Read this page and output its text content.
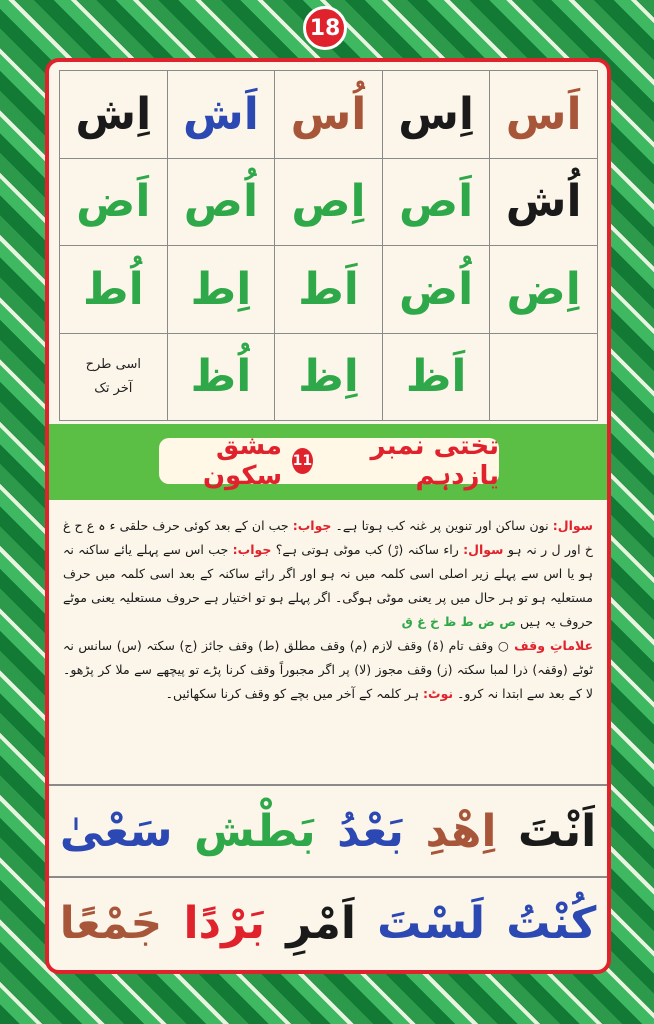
18
اِش اَش اُس اِس اَس
اَض اُص اِص اَص اُش
اُط	اِط	اَط اُض اِض
اسی طرح
آخر تک	اُظ	اِظ	اَظ
تختی نمبر یازدہم
11
مشق سکون

سوال: نون ساکن اور تنوین پر غنہ کب ہوتا ہے۔ جواب: جب ان کے بعد کوئی حرف حلقی ء ہ ع ح غ خ اور ل ر نہ ہو سوال: راء ساکنہ (رْ) کب موٹی ہوتی ہے؟ جواب: جب اس سے پہلے یائے ساکنہ نہ ہو یا اس سے پہلے زیر اصلی اسی کلمہ میں نہ ہو اور اگر رائے ساکنہ کے بعد اسی کلمہ میں حرف مستعلیہ ہو تو ہر حال میں پر یعنی موٹی ہوگی۔ اگر پہلے ہو تو اختیار ہے حروف مستعلیہ یعنی موٹے حروف یہ ہیں ص ض ط ظ خ غ ق

علاماتِ وقف ○ وقف تام (ۃ) وقف لازم (م) وقف مطلق (ط) وقف جائز (ج) سکتہ (س) سانس نہ ٹوٹے (وقفہ) ذرا لمبا سکتہ (ز) وقف مجوز (لا) پر اگر مجبوراً وقف کرنا پڑے تو پیچھے سے ملا کر پڑھو۔ لا کے بعد سے ابتدا نہ کرو۔ نوٹ: ہر کلمہ کے آخر میں بچے کو وقف کرنا سکھائیں۔

اَنْتَ
اِھْدِ
بَعْدُ
بَطْش
سَعْیٰ
كُنْتُ
لَسْتَ
اَمْرِ
بَرْدًا
جَمْعًا
